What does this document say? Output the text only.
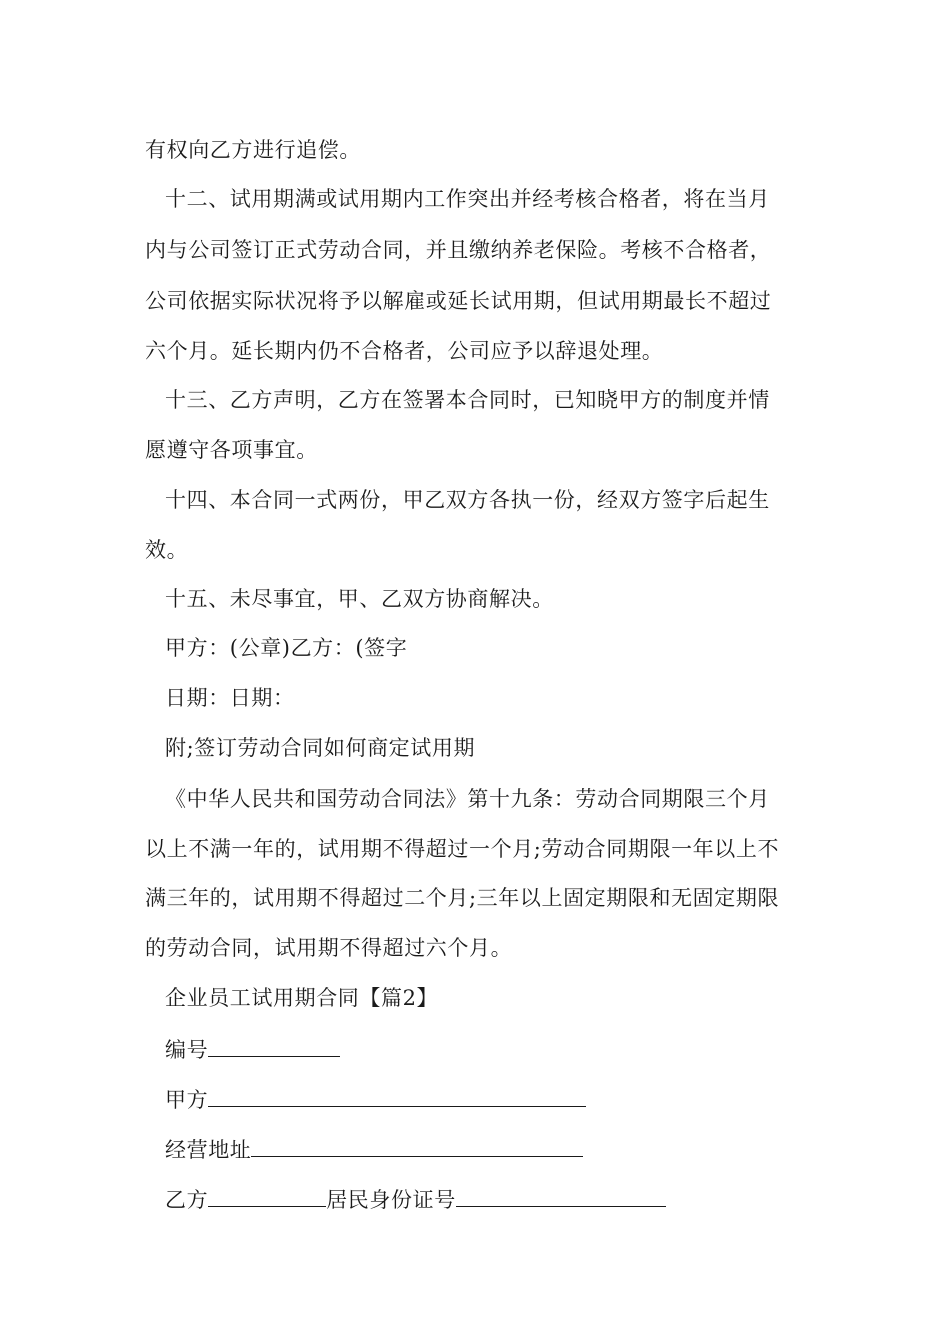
有权向乙方进行追偿。
十二、试用期满或试用期内工作突出并经考核合格者，将在当月
内与公司签订正式劳动合同，并且缴纳养老保险。考核不合格者，
公司依据实际状况将予以解雇或延长试用期，但试用期最长不超过
六个月。延长期内仍不合格者，公司应予以辞退处理。
十三、乙方声明，乙方在签署本合同时，已知晓甲方的制度并情
愿遵守各项事宜。
十四、本合同一式两份，甲乙双方各执一份，经双方签字后起生
效。
十五、未尽事宜，甲、乙双方协商解决。
甲方：(公章)乙方：(签字
日期：日期：
附;签订劳动合同如何商定试用期
《中华人民共和国劳动合同法》第十九条：劳动合同期限三个月
以上不满一年的，试用期不得超过一个月;劳动合同期限一年以上不
满三年的，试用期不得超过二个月;三年以上固定期限和无固定期限
的劳动合同，试用期不得超过六个月。
企业员工试用期合同【篇2】
编号
甲方
经营地址
乙方	居民身份证号
